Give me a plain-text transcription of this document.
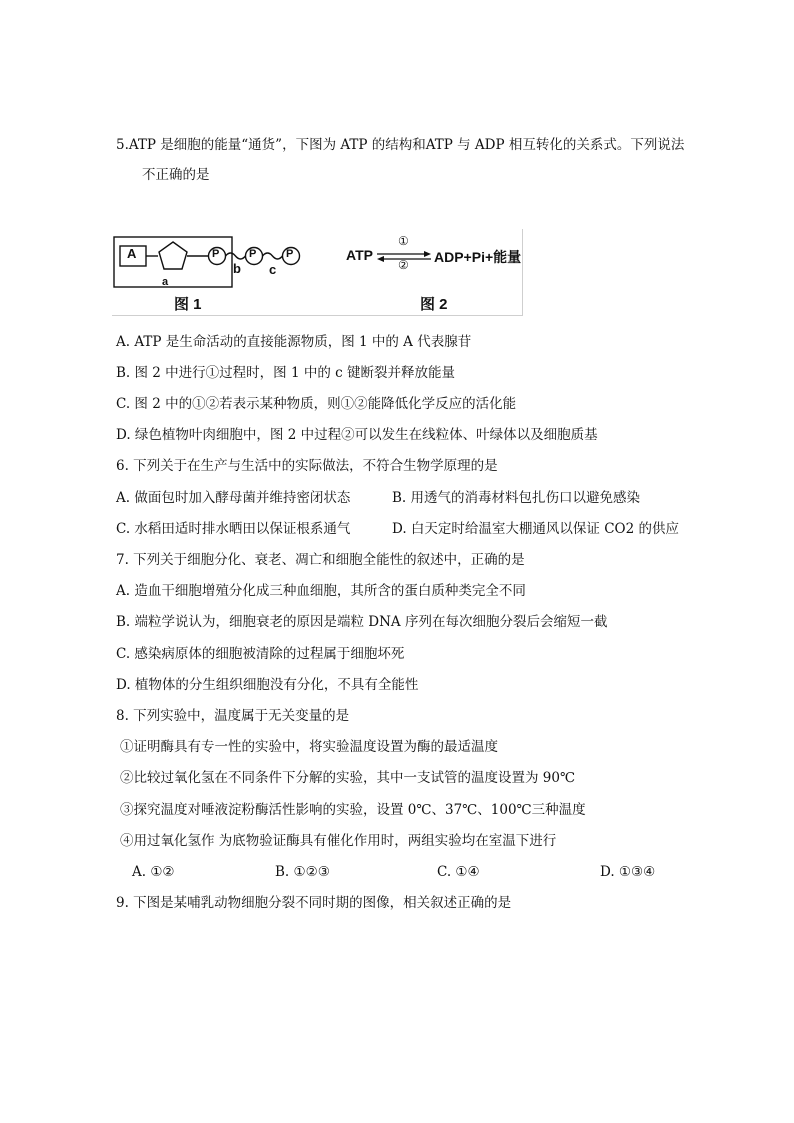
5.ATP 是细胞的能量“通货”，下图为 ATP 的结构和ATP 与 ADP 相互转化的关系式。下列说法
不正确的是
A	P	P	P
a
b c
图 1
ATP
①
② ADP+Pi+能量
图 2
A. ATP 是生命活动的直接能源物质，图 1 中的 A 代表腺苷
B. 图 2 中进行①过程时，图 1 中的 c 键断裂并释放能量
C. 图 2 中的①②若表示某种物质，则①②能降低化学反应的活化能
D. 绿色植物叶肉细胞中，图 2 中过程②可以发生在线粒体、叶绿体以及细胞质基
6. 下列关于在生产与生活中的实际做法，不符合生物学原理的是
A. 做面包时加入酵母菌并维持密闭状态	B. 用透气的消毒材料包扎伤口以避免感染
C. 水稻田适时排水晒田以保证根系通气	D. 白天定时给温室大棚通风以保证 CO2 的供应
7. 下列关于细胞分化、衰老、凋亡和细胞全能性的叙述中，正确的是
A. 造血干细胞增殖分化成三种血细胞，其所含的蛋白质种类完全不同
B. 端粒学说认为，细胞衰老的原因是端粒 DNA 序列在每次细胞分裂后会缩短一截
C. 感染病原体的细胞被清除的过程属于细胞坏死
D. 植物体的分生组织细胞没有分化，不具有全能性
8. 下列实验中，温度属于无关变量的是
①证明酶具有专一性的实验中，将实验温度设置为酶的最适温度
②比较过氧化氢在不同条件下分解的实验，其中一支试管的温度设置为 90℃
③探究温度对唾液淀粉酶活性影响的实验，设置 0℃、37℃、100℃三种温度
④用过氧化氢作 为底物验证酶具有催化作用时，两组实验均在室温下进行
A. ①②	B. ①②③	C. ①④	D. ①③④
9. 下图是某哺乳动物细胞分裂不同时期的图像，相关叙述正确的是
